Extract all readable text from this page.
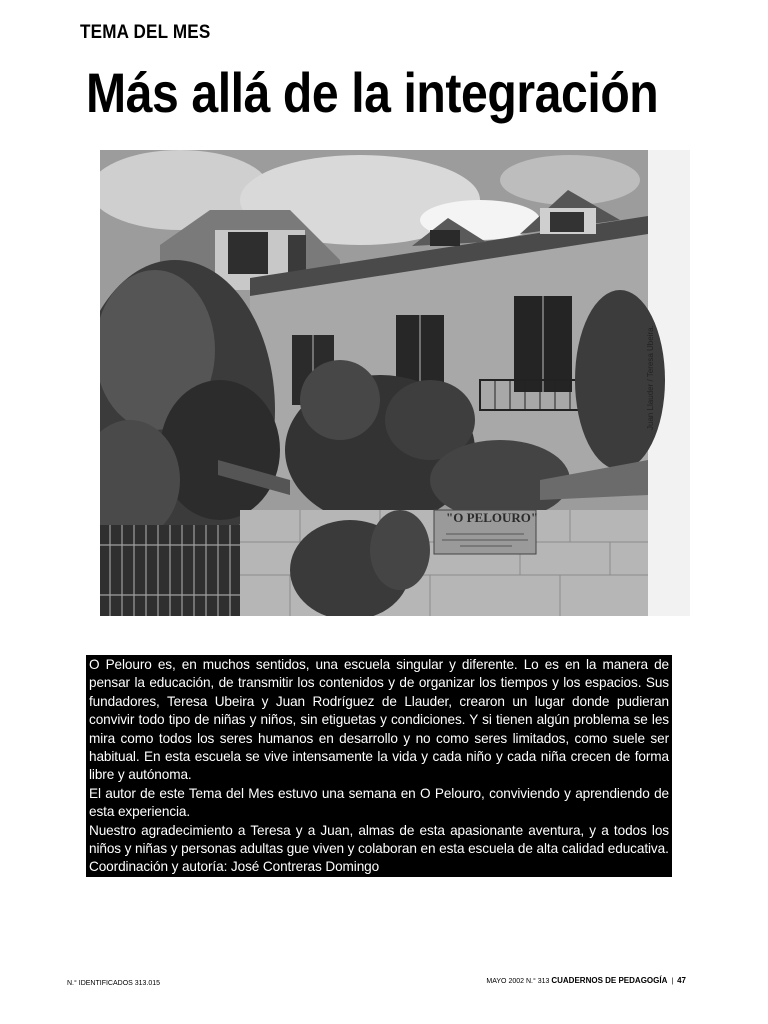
TEMA DEL MES
Más allá de la integración
"O PELOURO"
Juan Llauder / Teresa Ubeira.

O Pelouro es, en muchos sentidos, una escuela singular y diferente. Lo es en la manera de pensar la educación, de transmitir los contenidos y de organizar los tiempos y los espacios. Sus fundadores, Teresa Ubeira y Juan Rodríguez de Llauder, crearon un lugar donde pudieran convivir todo tipo de niñas y niños, sin etiguetas y condiciones. Y si tienen algún problema se les mira como todos los seres humanos en desarrollo y no como seres limitados, como suele ser habitual. En esta escuela se vive intensamente la vida y cada niño y cada niña crecen de forma libre y autónoma.

El autor de este Tema del Mes estuvo una semana en O Pelouro, conviviendo y aprendiendo de esta experiencia.

Nuestro agradecimiento a Teresa y a Juan, almas de esta apasionante aventura, y a todos los niños y niñas y personas adultas gue viven y colaboran en esta escuela de alta calidad educativa.

Coordinación y autoría: José Contreras Domingo

N.° IDENTIFICADOS 313.015	MAYO 2002 N.° 313 CUADERNOS DE PEDAGOGÍA | 47
